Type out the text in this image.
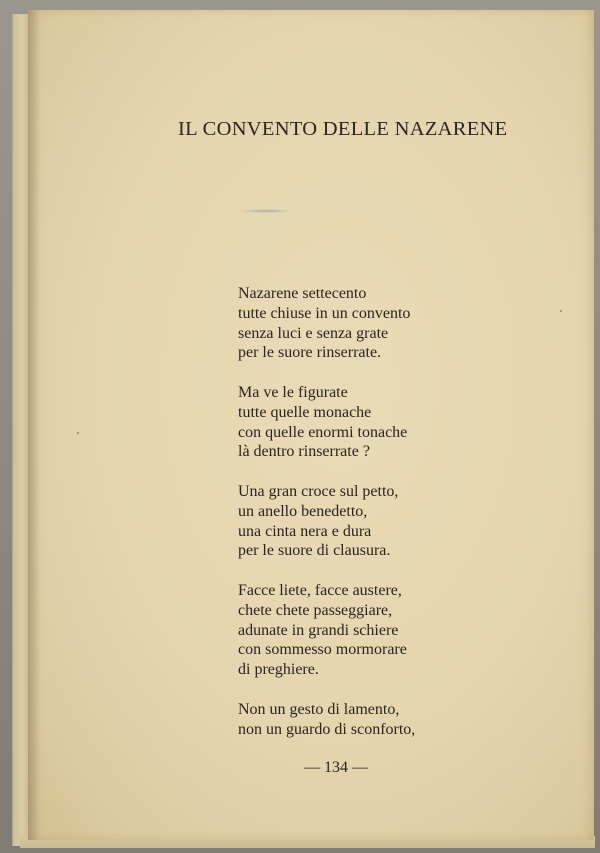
IL CONVENTO DELLE NAZARENE
Nazarene settecento
tutte chiuse in un convento
senza luci e senza grate
per le suore rinserrate.
Ma ve le figurate
tutte quelle monache
con quelle enormi tonache
là dentro rinserrate ?
Una gran croce sul petto,
un anello benedetto,
una cinta nera e dura
per le suore di clausura.
Facce liete, facce austere,
chete chete passeggiare,
adunate in grandi schiere
con sommesso mormorare
di preghiere.
Non un gesto di lamento,
non un guardo di sconforto,
— 134 —
